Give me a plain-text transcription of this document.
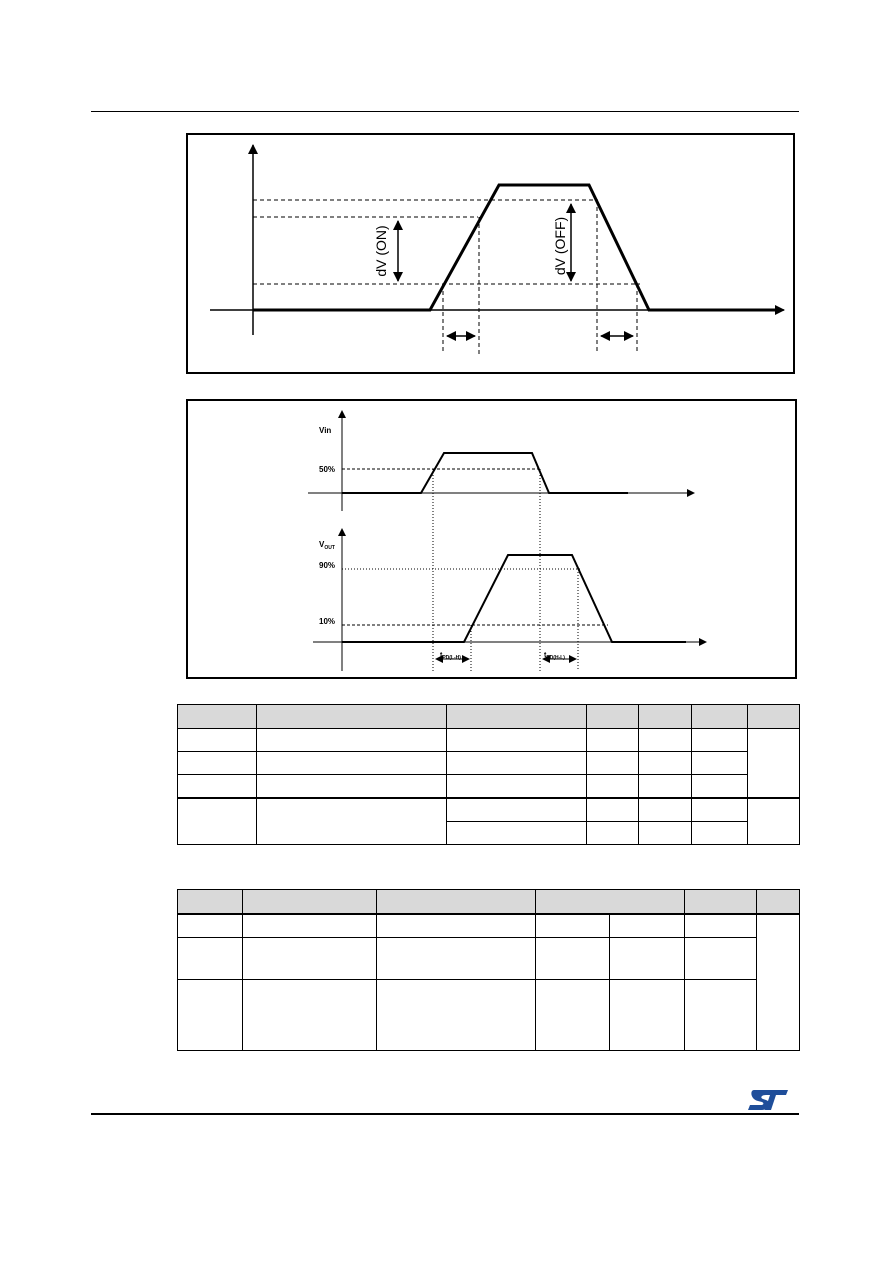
dV (ON)	dV (OFF)
Vin
50%
$V_{OUT}$
90%
10%
$t_{PD(L-H)}$	$t_{PD(H-L)}$
